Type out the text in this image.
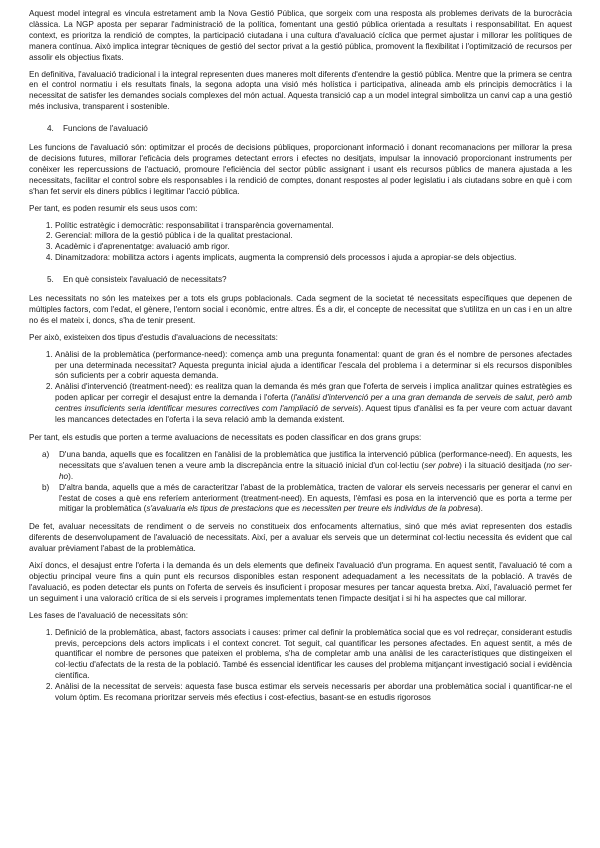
Aquest model integral es vincula estretament amb la Nova Gestió Pública, que sorgeix com una resposta als problemes derivats de la burocràcia clàssica. La NGP aposta per separar l'administració de la política, fomentant una gestió pública orientada a resultats i responsabilitat. En aquest context, es prioritza la rendició de comptes, la participació ciutadana i una cultura d'avaluació cíclica que permet ajustar i millorar les polítiques de manera contínua. Això implica integrar tècniques de gestió del sector privat a la gestió pública, promovent la flexibilitat i l'optimització de recursos per assolir els objectius fixats.

En definitiva, l'avaluació tradicional i la integral representen dues maneres molt diferents d'entendre la gestió pública. Mentre que la primera se centra en el control normatiu i els resultats finals, la segona adopta una visió més holística i participativa, alineada amb els principis democràtics i la necessitat de satisfer les demandes socials complexes del món actual. Aquesta transició cap a un model integral simbolitza un canvi cap a una gestió més inclusiva, transparent i sostenible.

4. Funcions de l'avaluació

Les funcions de l'avaluació són: optimitzar el procés de decisions públiques, proporcionant informació i donant recomanacions per millorar la presa de decisions futures, millorar l'eficàcia dels programes detectant errors i efectes no desitjats, impulsar la innovació proporcionant instruments per conèixer les repercussions de l'actuació, promoure l'eficiència del sector públic assignant i usant els recursos públics de manera ajustada a les necessitats, facilitar el control sobre els responsables i la rendició de comptes, donant respostes al poder legislatiu i als ciutadans sobre en què i com s'han fet servir els diners públics i legitimar l'acció pública.

Per tant, es poden resumir els seus usos com:

1. Polític estratègic i democràtic: responsabilitat i transparència governamental.
2. Gerencial: millora de la gestió pública i de la qualitat prestacional.
3. Acadèmic i d'aprenentatge: avaluació amb rigor.
4. Dinamitzadora: mobilitza actors i agents implicats, augmenta la comprensió dels processos i ajuda a apropiar-se dels objectius.
5. En què consisteix l'avaluació de necessitats?

Les necessitats no són les mateixes per a tots els grups poblacionals. Cada segment de la societat té necessitats específiques que depenen de múltiples factors, com l'edat, el gènere, l'entorn social i econòmic, entre altres. És a dir, el concepte de necessitat que s'utilitza en un cas i en un altre no és el mateix i, doncs, s'ha de tenir present.

Per això, existeixen dos tipus d'estudis d'avaluacions de necessitats:

1. Anàlisi de la problemàtica (performance-need): comença amb una pregunta fonamental: quant de gran és el nombre de persones afectades per una determinada necessitat? Aquesta pregunta inicial ajuda a identificar l'escala del problema i a determinar si els recursos disponibles són suficients per a cobrir aquesta demanda.
2. Anàlisi d'intervenció (treatment-need): es realitza quan la demanda és més gran que l'oferta de serveis i implica analitzar quines estratègies es poden aplicar per corregir el desajust entre la demanda i l'oferta (l'anàlisi d'intervenció per a una gran demanda de serveis de salut, però amb centres insuficients seria identificar mesures correctives com l'ampliació de serveis). Aquest tipus d'anàlisi es fa per veure com actuar davant les mancances detectades en l'oferta i la seva relació amb la demanda existent.

Per tant, els estudis que porten a terme avaluacions de necessitats es poden classificar en dos grans grups:

a) D'una banda, aquells que es focalitzen en l'anàlisi de la problemàtica que justifica la intervenció pública (performance-need). En aquests, les necessitats que s'avaluen tenen a veure amb la discrepància entre la situació inicial d'un col·lectiu (ser pobre) i la situació desitjada (no ser-ho).
b) D'altra banda, aquells que a més de caracteritzar l'abast de la problemàtica, tracten de valorar els serveis necessaris per generar el canvi en l'estat de coses a què ens referíem anteriorment (treatment-need). En aquests, l'èmfasi es posa en la intervenció que es porta a terme per mitigar la problemàtica (s'avaluaria els tipus de prestacions que es necessiten per treure els individus de la pobresa).

De fet, avaluar necessitats de rendiment o de serveis no constitueix dos enfocaments alternatius, sinó que més aviat representen dos estadis diferents de desenvolupament de l'avaluació de necessitats. Així, per a avaluar els serveis que un determinat col·lectiu necessita és evident que cal avaluar prèviament l'abast de la problemàtica.

Així doncs, el desajust entre l'oferta i la demanda és un dels elements que defineix l'avaluació d'un programa. En aquest sentit, l'avaluació té com a objectiu principal veure fins a quin punt els recursos disponibles estan responent adequadament a les necessitats de la població. A través de l'avaluació, es poden detectar els punts on l'oferta de serveis és insuficient i proposar mesures per tancar aquesta bretxa. Així, l'avaluació permet fer un seguiment i una valoració crítica de si els serveis i programes implementats tenen l'impacte desitjat i si hi ha aspectes que cal millorar.

Les fases de l'avaluació de necessitats són:

1. Definició de la problemàtica, abast, factors associats i causes: primer cal definir la problemàtica social que es vol redreçar, considerant estudis previs, percepcions dels actors implicats i el context concret. Tot seguit, cal quantificar les persones afectades. En aquest sentit, a més de quantificar el nombre de persones que pateixen el problema, s'ha de completar amb una anàlisi de les característiques que distingeixen el col·lectiu d'afectats de la resta de la població. També és essencial identificar les causes del problema mitjançant investigació social i evidència científica.
2. Anàlisi de la necessitat de serveis: aquesta fase busca estimar els serveis necessaris per abordar una problemàtica social i quantificar-ne el volum òptim. Es recomana prioritzar serveis més efectius i cost-efectius, basant-se en estudis rigorosos
